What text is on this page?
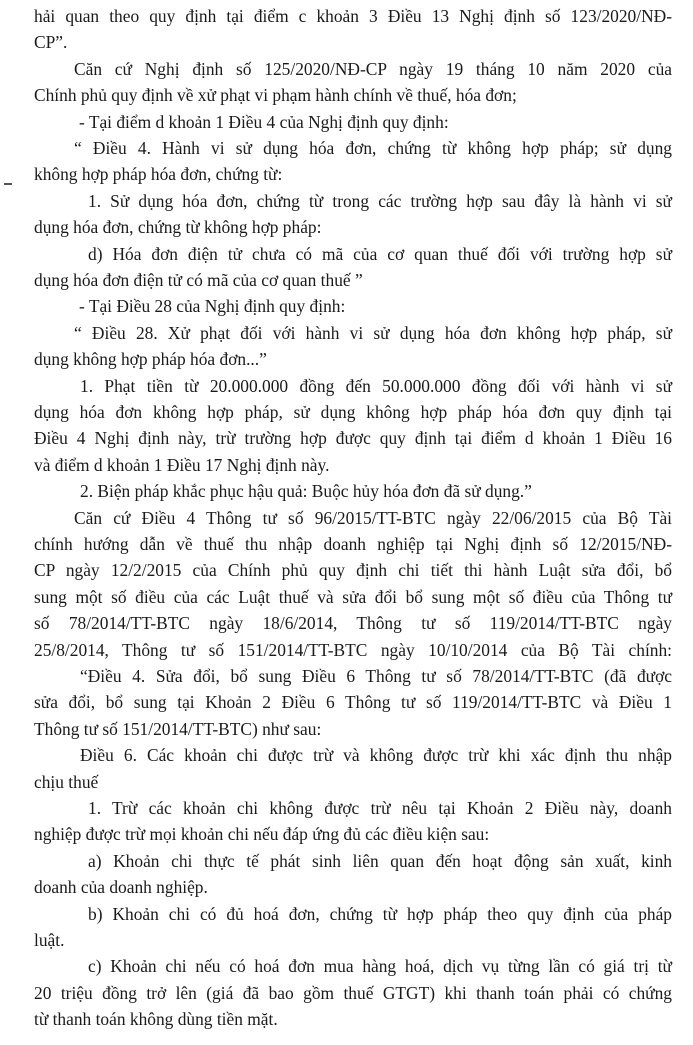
hải quan theo quy định tại điểm c khoản 3 Điều 13 Nghị định số 123/2020/NĐ-

CP”.

Căn cứ Nghị định số 125/2020/NĐ-CP ngày 19 tháng 10 năm 2020 của

Chính phủ quy định về xử phạt vi phạm hành chính về thuế, hóa đơn;

- Tại điểm d khoản 1 Điều 4 của Nghị định quy định:

“ Điều 4. Hành vi sử dụng hóa đơn, chứng từ không hợp pháp; sử dụng

không hợp pháp hóa đơn, chứng từ:

1. Sử dụng hóa đơn, chứng từ trong các trường hợp sau đây là hành vi sử

dụng hóa đơn, chứng từ không hợp pháp:

d) Hóa đơn điện tử chưa có mã của cơ quan thuế đối với trường hợp sử

dụng hóa đơn điện tử có mã của cơ quan thuế ”

- Tại Điều 28 của Nghị định quy định:

“ Điều 28. Xử phạt đối với hành vi sử dụng hóa đơn không hợp pháp, sử

dụng không hợp pháp hóa đơn...”

1. Phạt tiền từ 20.000.000 đồng đến 50.000.000 đồng đối với hành vi sử

dụng hóa đơn không hợp pháp, sử dụng không hợp pháp hóa đơn quy định tại

Điều 4 Nghị định này, trừ trường hợp được quy định tại điểm d khoản 1 Điều 16

và điểm d khoản 1 Điều 17 Nghị định này.

2. Biện pháp khắc phục hậu quả: Buộc hủy hóa đơn đã sử dụng.”

Căn cứ Điều 4 Thông tư số 96/2015/TT-BTC ngày 22/06/2015 của Bộ Tài

chính hướng dẫn về thuế thu nhập doanh nghiệp tại Nghị định số 12/2015/NĐ-

CP ngày 12/2/2015 của Chính phủ quy định chi tiết thi hành Luật sửa đổi, bổ

sung một số điều của các Luật thuế và sửa đổi bổ sung một số điều của Thông tư

số 78/2014/TT-BTC ngày 18/6/2014, Thông tư số 119/2014/TT-BTC ngày

25/8/2014, Thông tư số 151/2014/TT-BTC ngày 10/10/2014 của Bộ Tài chính:

“Điều 4. Sửa đổi, bổ sung Điều 6 Thông tư số 78/2014/TT-BTC (đã được

sửa đổi, bổ sung tại Khoản 2 Điều 6 Thông tư số 119/2014/TT-BTC và Điều 1

Thông tư số 151/2014/TT-BTC) như sau:

Điều 6. Các khoản chi được trừ và không được trừ khi xác định thu nhập

chịu thuế

1. Trừ các khoản chi không được trừ nêu tại Khoản 2 Điều này, doanh

nghiệp được trừ mọi khoản chi nếu đáp ứng đủ các điều kiện sau:

a) Khoản chi thực tế phát sinh liên quan đến hoạt động sản xuất, kinh

doanh của doanh nghiệp.

b) Khoản chi có đủ hoá đơn, chứng từ hợp pháp theo quy định của pháp

luật.

c) Khoản chi nếu có hoá đơn mua hàng hoá, dịch vụ từng lần có giá trị từ

20 triệu đồng trở lên (giá đã bao gồm thuế GTGT) khi thanh toán phải có chứng

từ thanh toán không dùng tiền mặt.
